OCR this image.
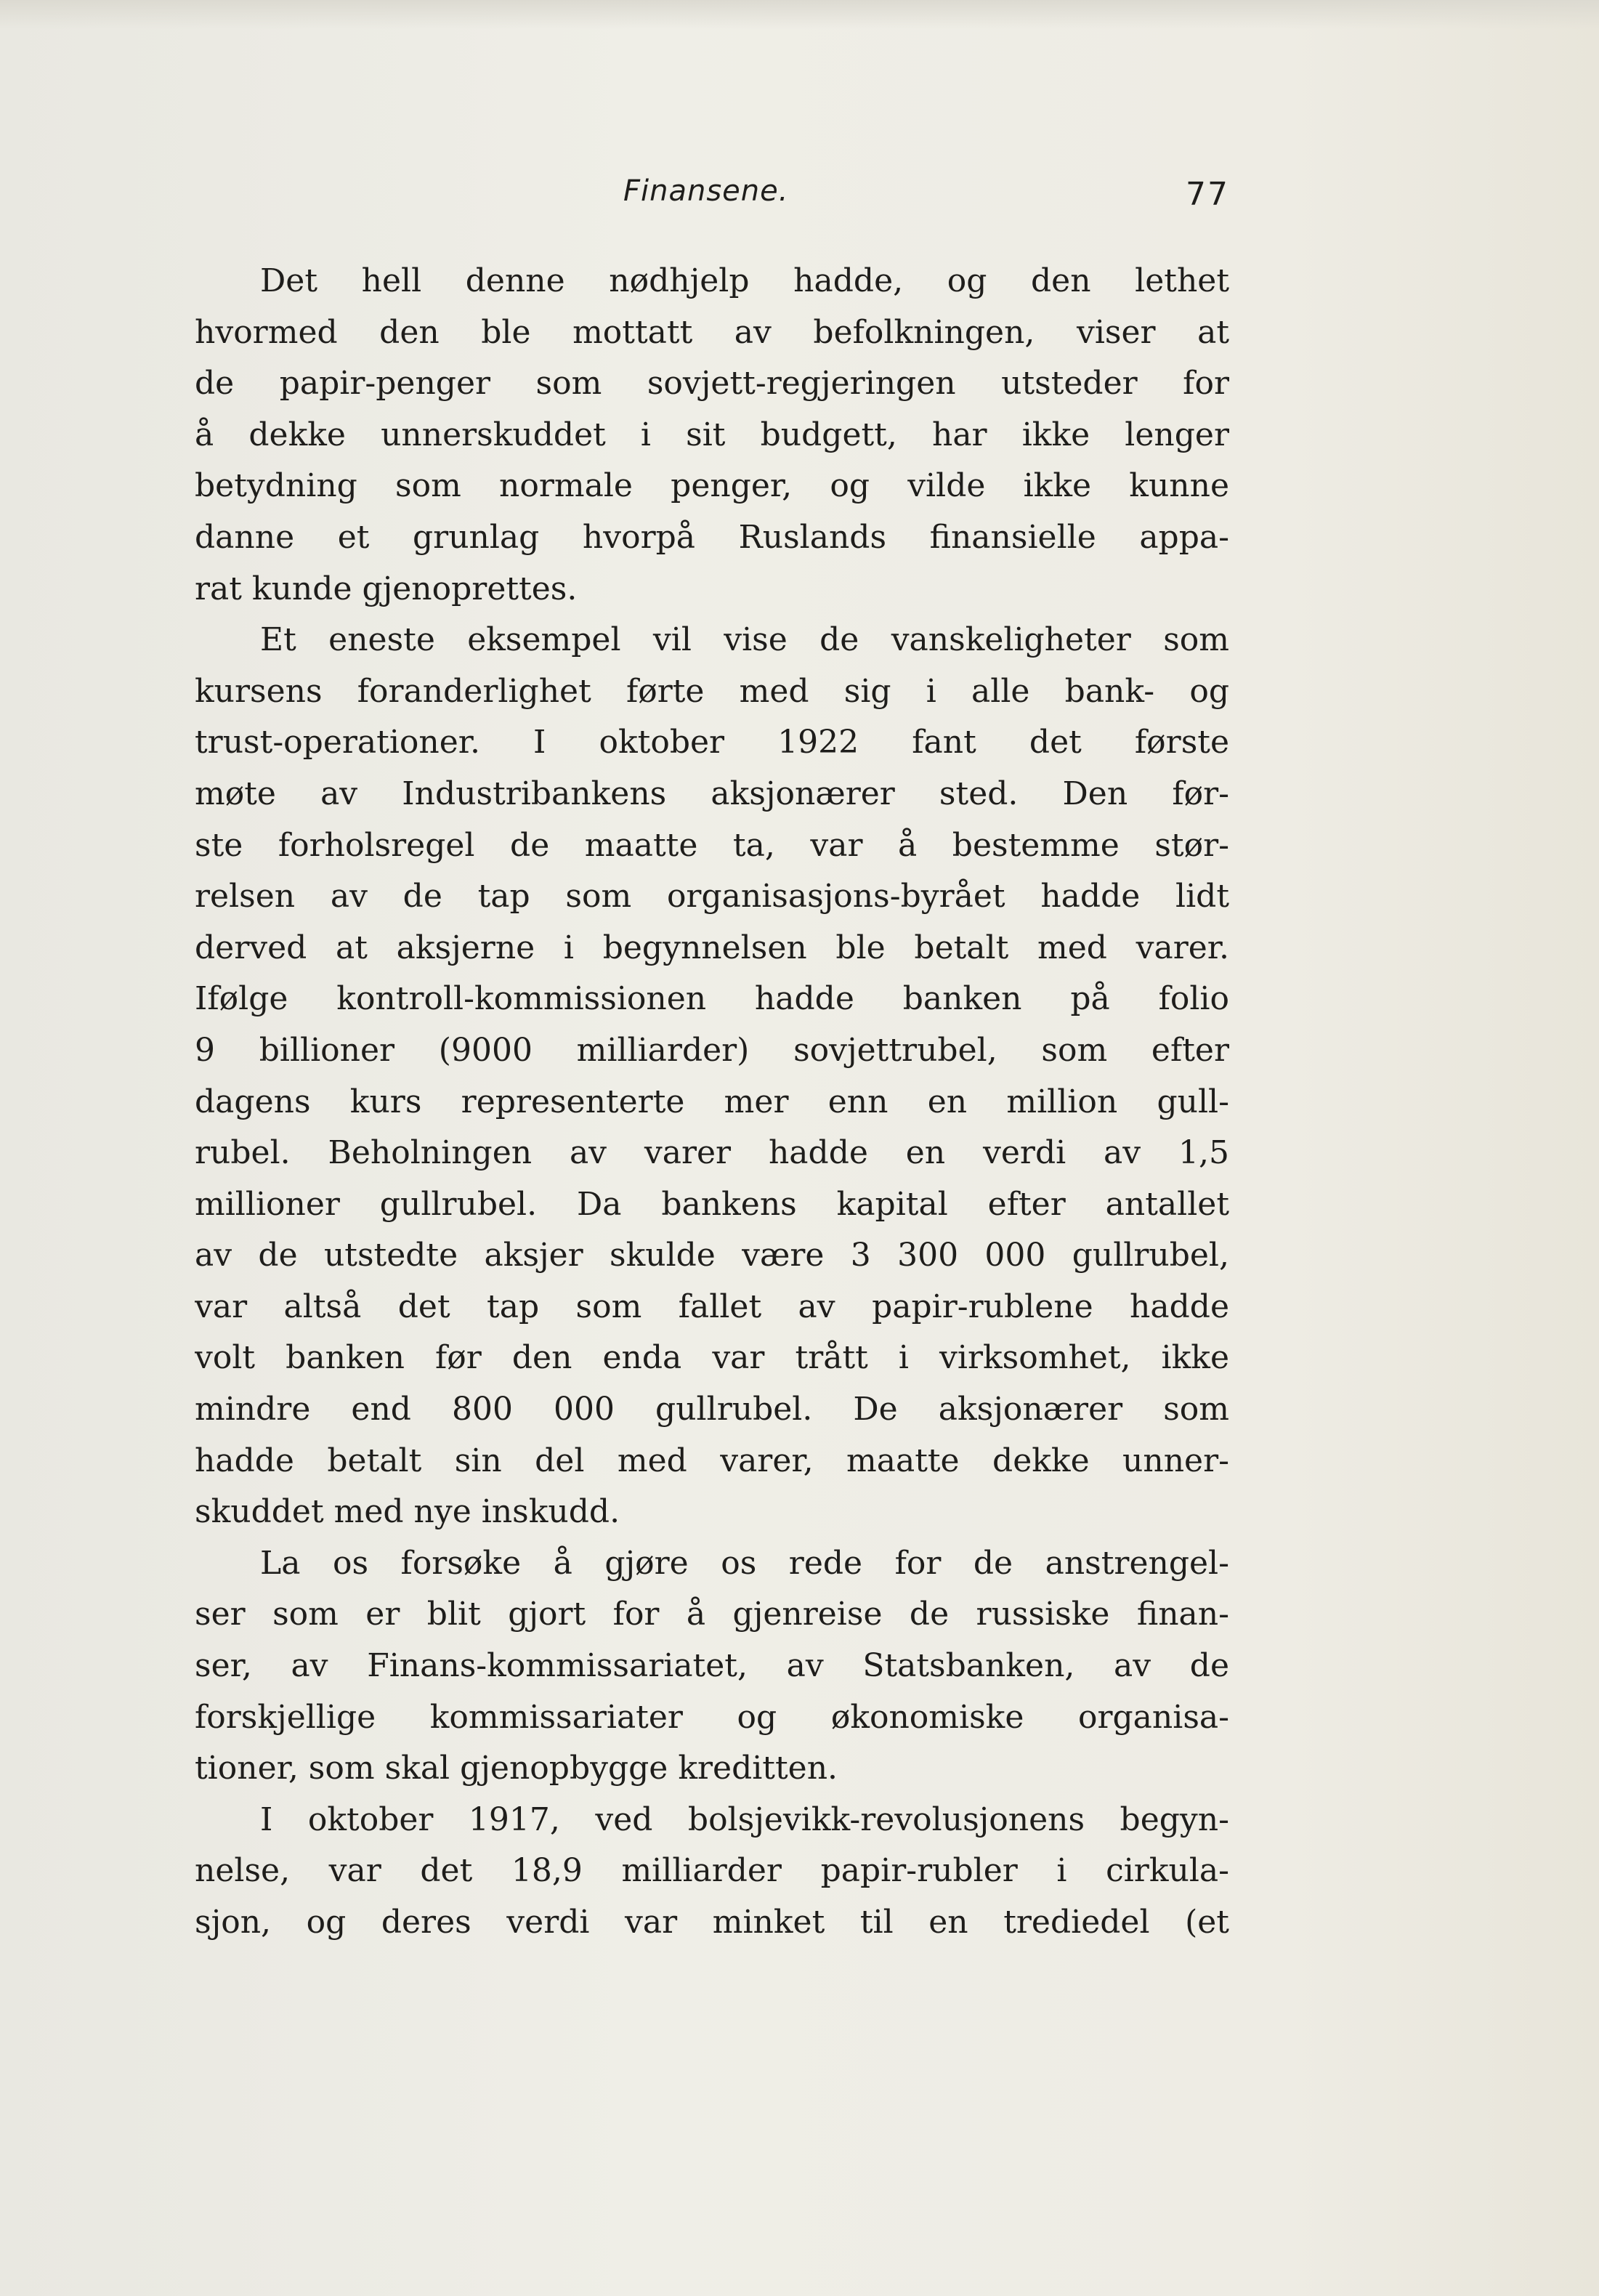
Finansene.	77
Det hell denne nødhjelp hadde, og den lethet
hvormed den ble mottatt av befolkningen, viser at
de papir-penger som sovjett-regjeringen utsteder for
å dekke unnerskuddet i sit budgett, har ikke lenger
betydning som normale penger, og vilde ikke kunne
danne et grunlag hvorpå Ruslands finansielle appa-
rat kunde gjenoprettes.
Et eneste eksempel vil vise de vanskeligheter som
kursens foranderlighet førte med sig i alle bank- og
trust-operationer. I oktober 1922 fant det første
møte av Industribankens aksjonærer sted. Den før-
ste forholsregel de maatte ta, var å bestemme stør-
relsen av de tap som organisasjons-byrået hadde lidt
derved at aksjerne i begynnelsen ble betalt med varer.
Ifølge kontroll-kommissionen hadde banken på folio
9 billioner (9000 milliarder) sovjettrubel, som efter
dagens kurs representerte mer enn en million gull-
rubel. Beholningen av varer hadde en verdi av 1,5
millioner gullrubel. Da bankens kapital efter antallet
av de utstedte aksjer skulde være 3 300 000 gullrubel,
var altså det tap som fallet av papir-rublene hadde
volt banken før den enda var trått i virksomhet, ikke
mindre end 800 000 gullrubel. De aksjonærer som
hadde betalt sin del med varer, maatte dekke unner-
skuddet med nye inskudd.
La os forsøke å gjøre os rede for de anstrengel-
ser som er blit gjort for å gjenreise de russiske finan-
ser, av Finans-kommissariatet, av Statsbanken, av de
forskjellige kommissariater og økonomiske organisa-
tioner, som skal gjenopbygge kreditten.
I oktober 1917, ved bolsjevikk-revolusjonens begyn-
nelse, var det 18,9 milliarder papir-rubler i cirkula-
sjon, og deres verdi var minket til en trediedel (et
